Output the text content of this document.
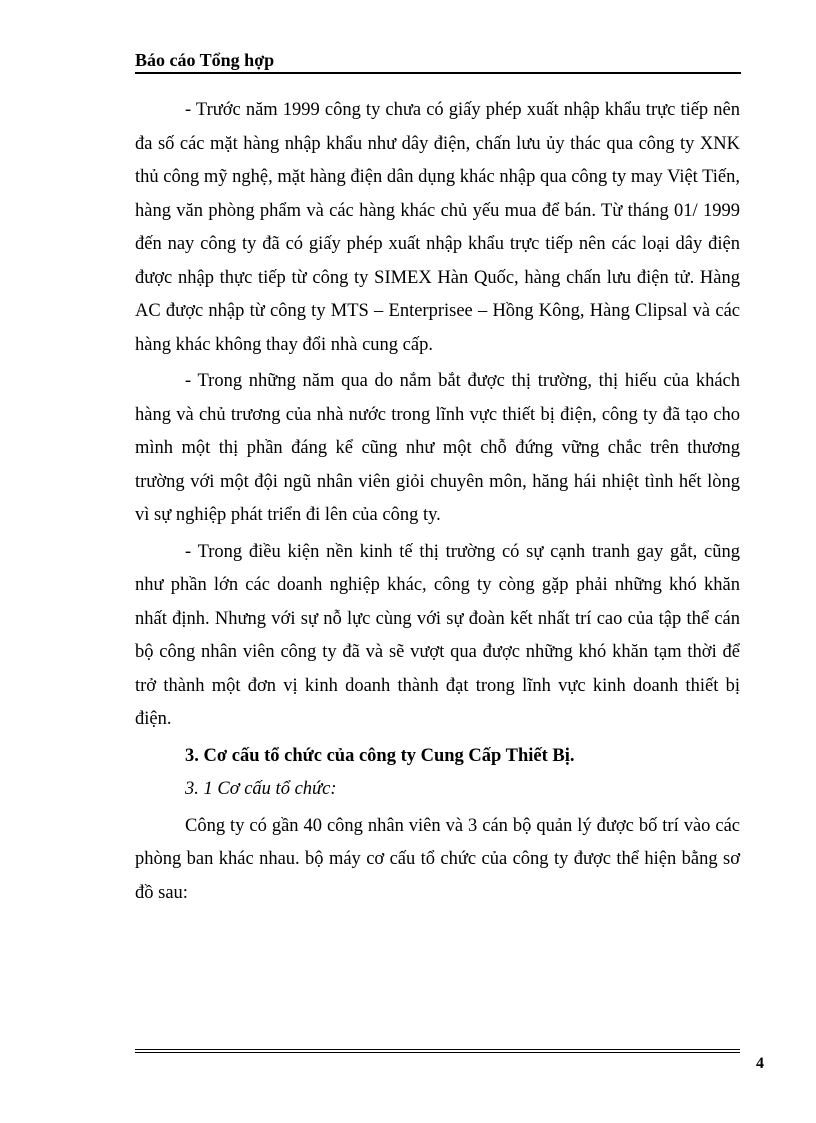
Báo cáo Tổng hợp

- Trước năm 1999 công ty chưa có giấy phép xuất nhập khẩu trực tiếp nên đa số các mặt hàng nhập khẩu như dây điện, chấn lưu ủy thác qua công ty XNK thủ công mỹ nghệ, mặt hàng điện dân dụng khác nhập qua công ty may Việt Tiến, hàng văn phòng phẩm và các hàng khác chủ yếu mua để bán. Từ tháng 01/ 1999 đến nay công ty đã có giấy phép xuất nhập khẩu trực tiếp nên các loại dây điện được nhập thực tiếp từ công ty SIMEX Hàn Quốc, hàng chấn lưu điện tử. Hàng AC được nhập từ công ty MTS – Enterprisee – Hồng Kông, Hàng Clipsal và các hàng khác không thay đổi nhà cung cấp.

- Trong những năm qua do nắm bắt được thị trường, thị hiếu của khách hàng và chủ trương của nhà nước trong lĩnh vực thiết bị điện, công ty đã tạo cho mình một thị phần đáng kể cũng như một chỗ đứng vững chắc trên thương trường với một đội ngũ nhân viên giỏi chuyên môn, hăng hái nhiệt tình hết lòng vì sự nghiệp phát triển đi lên của công ty.

- Trong điều kiện nền kinh tế thị trường có sự cạnh tranh gay gắt, cũng như phần lớn các doanh nghiệp khác, công ty còng gặp phải những khó khăn nhất định. Nhưng với sự nỗ lực cùng với sự đoàn kết nhất trí cao của tập thể cán bộ công nhân viên công ty đã và sẽ vượt qua được những khó khăn tạm thời để trở thành một đơn vị kinh doanh thành đạt trong lĩnh vực kinh doanh thiết bị điện.

3. Cơ cấu tổ chức của công ty Cung Cấp Thiết Bị.

3. 1 Cơ cấu tổ chức:

Công ty có gần 40 công nhân viên và 3 cán bộ quản lý được bố trí vào các phòng ban khác nhau. bộ máy cơ cấu tổ chức của công ty được thể hiện bằng sơ đồ sau:

4
